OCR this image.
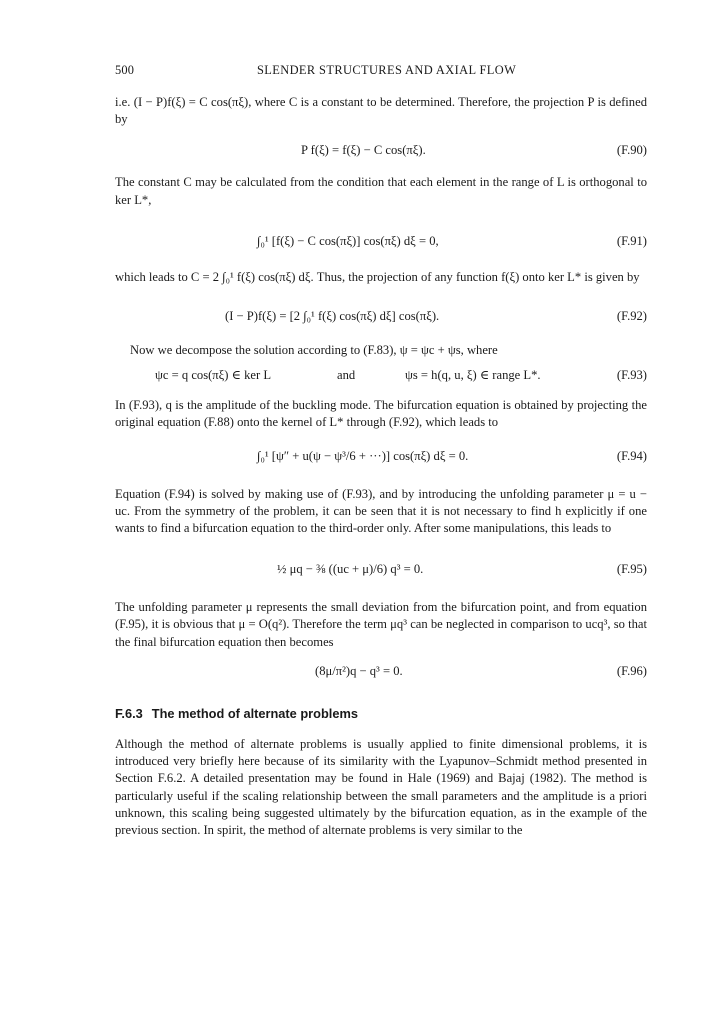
500	SLENDER STRUCTURES AND AXIAL FLOW

i.e. (I − P)f(ξ) = C cos(πξ), where C is a constant to be determined. Therefore, the projection P is defined by

P f(ξ) = f(ξ) − C cos(πξ).	(F.90)

The constant C may be calculated from the condition that each element in the range of L is orthogonal to ker L*,

∫₀¹ [f(ξ) − C cos(πξ)] cos(πξ) dξ = 0,	(F.91)

which leads to C = 2 ∫₀¹ f(ξ) cos(πξ) dξ. Thus, the projection of any function f(ξ) onto ker L* is given by

(I − P)f(ξ) = [2 ∫₀¹ f(ξ) cos(πξ) dξ] cos(πξ).	(F.92)

Now we decompose the solution according to (F.83), ψ = ψc + ψs, where

ψc = q cos(πξ) ∈ ker L	and	ψs = h(q, u, ξ) ∈ range L*.	(F.93)

In (F.93), q is the amplitude of the buckling mode. The bifurcation equation is obtained by projecting the original equation (F.88) onto the kernel of L* through (F.92), which leads to

∫₀¹ [ψ″ + u(ψ − ψ³/6 + ···)] cos(πξ) dξ = 0.	(F.94)

Equation (F.94) is solved by making use of (F.93), and by introducing the unfolding parameter μ = u − uc. From the symmetry of the problem, it can be seen that it is not necessary to find h explicitly if one wants to find a bifurcation equation to the third-order only. After some manipulations, this leads to

½ μq − ⅜ ((uc + μ)/6) q³ = 0.	(F.95)

The unfolding parameter μ represents the small deviation from the bifurcation point, and from equation (F.95), it is obvious that μ = O(q²). Therefore the term μq³ can be neglected in comparison to ucq³, so that the final bifurcation equation then becomes

(8μ/π²)q − q³ = 0.	(F.96)
F.6.3 The method of alternate problems

Although the method of alternate problems is usually applied to finite dimensional problems, it is introduced very briefly here because of its similarity with the Lyapunov–Schmidt method presented in Section F.6.2. A detailed presentation may be found in Hale (1969) and Bajaj (1982). The method is particularly useful if the scaling relationship between the small parameters and the amplitude is a priori unknown, this scaling being suggested ultimately by the bifurcation equation, as in the example of the previous section. In spirit, the method of alternate problems is very similar to the
